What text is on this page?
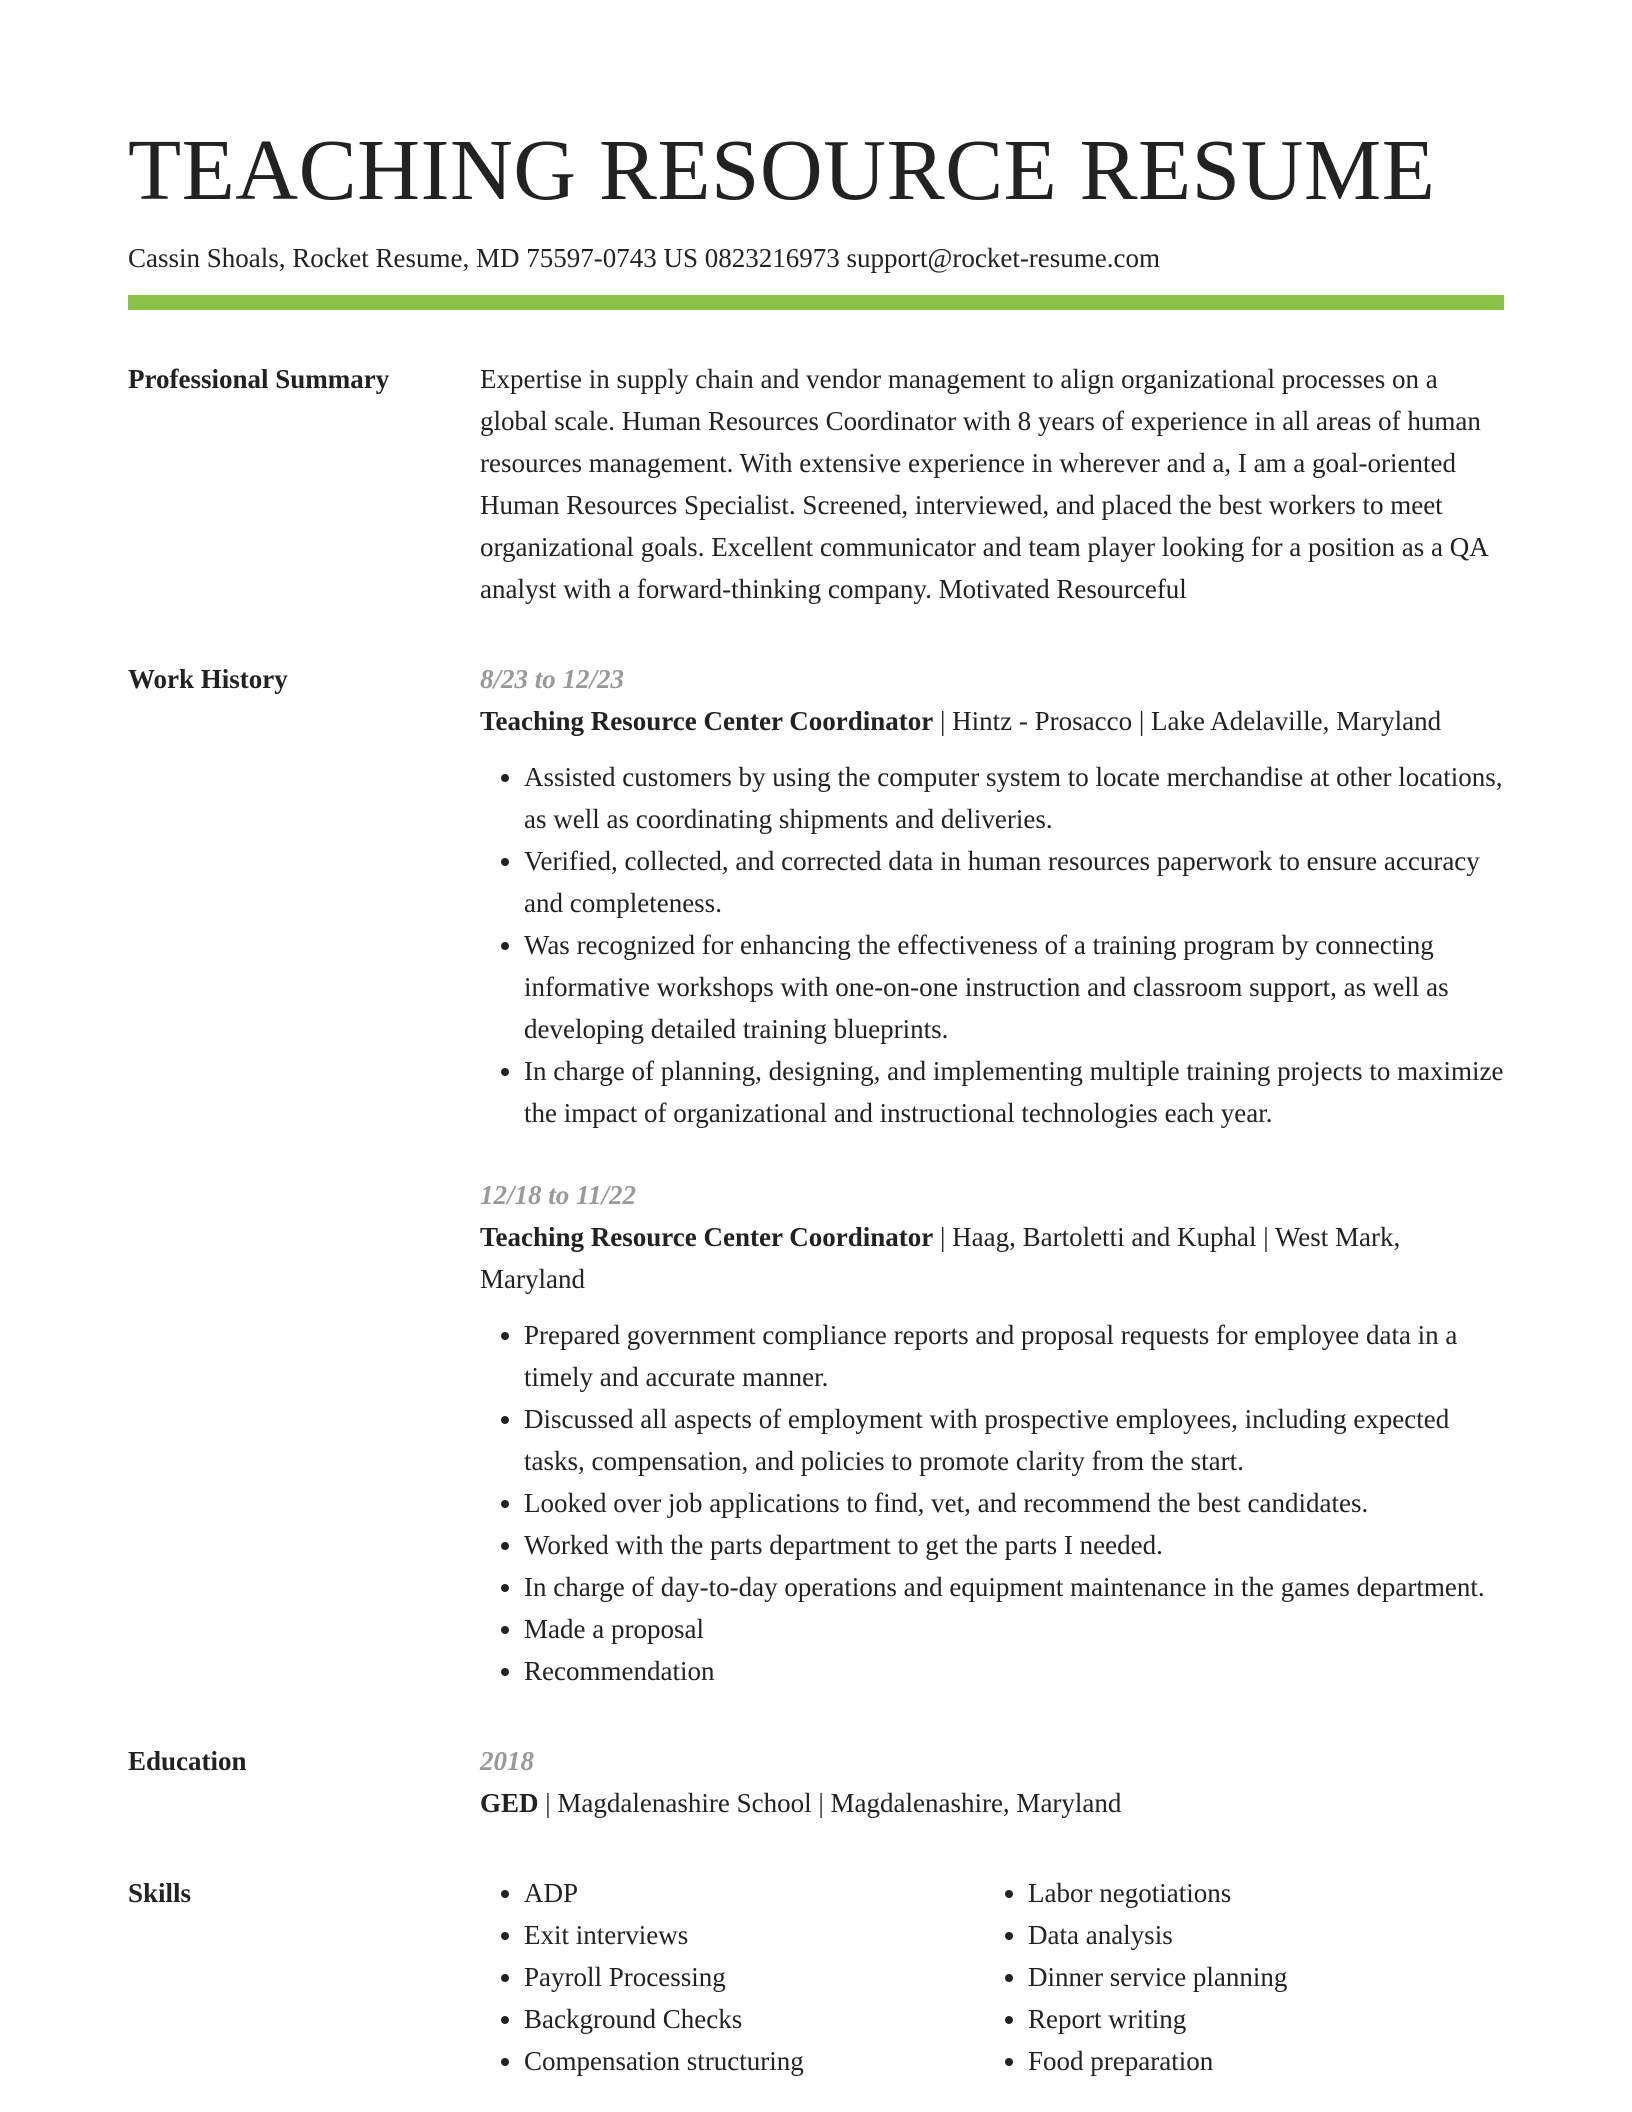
TEACHING RESOURCE RESUME
Cassin Shoals, Rocket Resume, MD 75597-0743 US 0823216973 support@rocket-resume.com
Professional Summary	Expertise in supply chain and vendor management to align organizational processes on a global scale. Human Resources Coordinator with 8 years of experience in all areas of human resources management. With extensive experience in wherever and a, I am a goal-oriented Human Resources Specialist. Screened, interviewed, and placed the best workers to meet organizational goals. Excellent communicator and team player looking for a position as a QA analyst with a forward-thinking company. Motivated Resourceful

Work History	8/23 to 12/23

Teaching Resource Center Coordinator | Hintz - Prosacco | Lake Adelaville, Maryland

• Assisted customers by using the computer system to locate merchandise at other locations, as well as coordinating shipments and deliveries.
• Verified, collected, and corrected data in human resources paperwork to ensure accuracy and completeness.
• Was recognized for enhancing the effectiveness of a training program by connecting informative workshops with one-on-one instruction and classroom support, as well as developing detailed training blueprints.
• In charge of planning, designing, and implementing multiple training projects to maximize the impact of organizational and instructional technologies each year.
12/18 to 11/22

Teaching Resource Center Coordinator | Haag, Bartoletti and Kuphal | West Mark, Maryland

• Prepared government compliance reports and proposal requests for employee data in a timely and accurate manner.
• Discussed all aspects of employment with prospective employees, including expected tasks, compensation, and policies to promote clarity from the start.
• Looked over job applications to find, vet, and recommend the best candidates.
• Worked with the parts department to get the parts I needed.
• In charge of day-to-day operations and equipment maintenance in the games department.
• Made a proposal
• Recommendation
Education	2018

GED | Magdalenashire School | Magdalenashire, Maryland

Skills
•	ADP
• Exit interviews
• Payroll Processing
• Background Checks
• Compensation structuring
• Labor negotiations
• Data analysis
• Dinner service planning
• Report writing
• Food preparation
